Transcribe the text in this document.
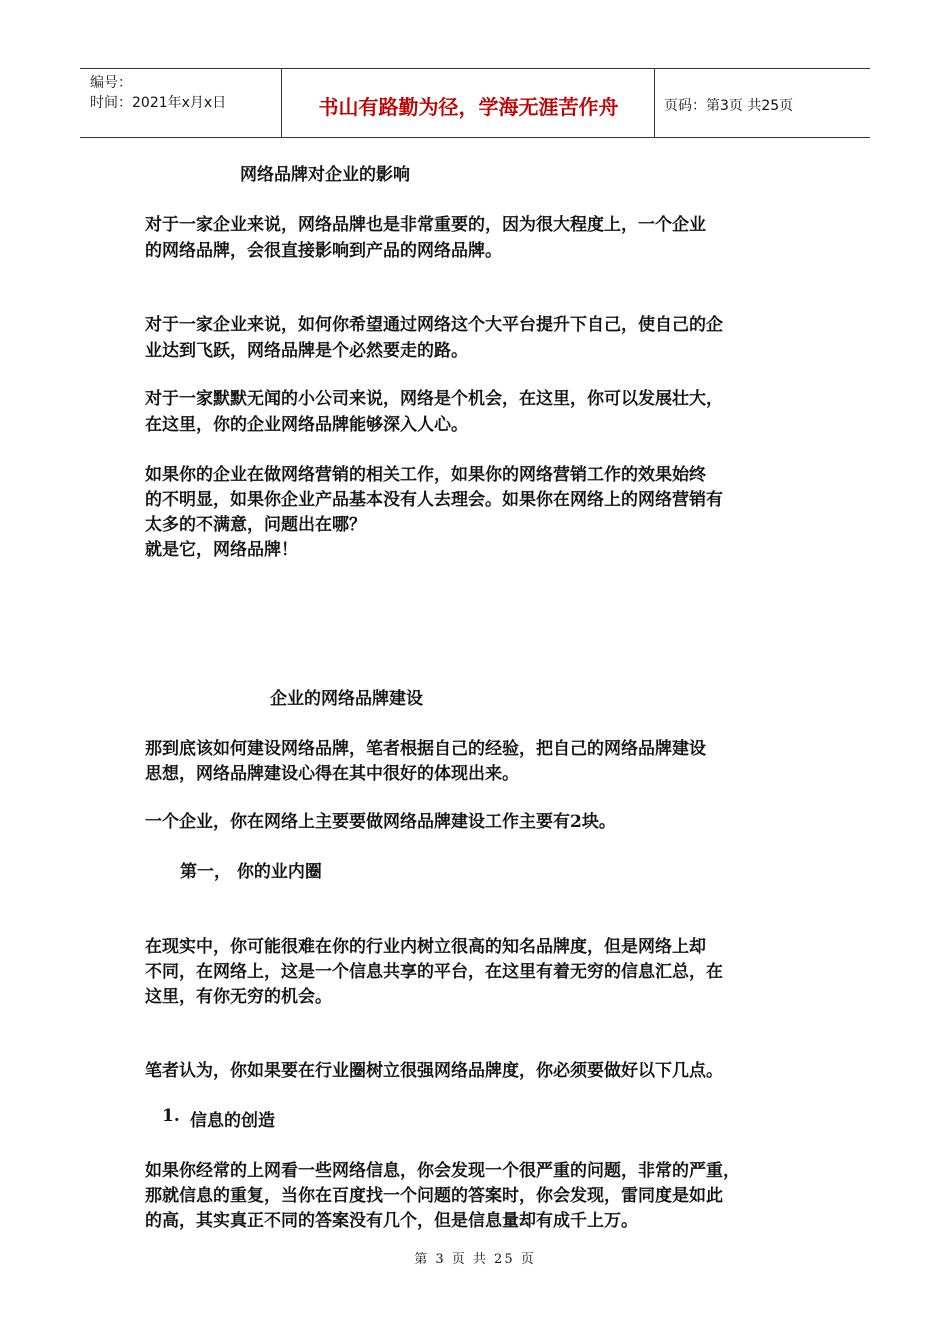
编号：
时间：2021年x月x日	书山有路勤为径，学海无涯苦作舟	页码：第3页 共25页
网络品牌对企业的影响
对于一家企业来说，网络品牌也是非常重要的，因为很大程度上，一个企业
的网络品牌，会很直接影响到产品的网络品牌。
对于一家企业来说，如何你希望通过网络这个大平台提升下自己，使自己的企
业达到飞跃，网络品牌是个必然要走的路。
对于一家默默无闻的小公司来说，网络是个机会，在这里，你可以发展壮大，
在这里，你的企业网络品牌能够深入人心。
如果你的企业在做网络营销的相关工作，如果你的网络营销工作的效果始终
的不明显，如果你企业产品基本没有人去理会。如果你在网络上的网络营销有
太多的不满意，问题出在哪？
就是它，网络品牌！
企业的网络品牌建设
那到底该如何建设网络品牌，笔者根据自己的经验，把自己的网络品牌建设
思想，网络品牌建设心得在其中很好的体现出来。
一个企业，你在网络上主要要做网络品牌建设工作主要有2块。
第一， 你的业内圈
在现实中，你可能很难在你的行业内树立很高的知名品牌度，但是网络上却
不同，在网络上，这是一个信息共享的平台，在这里有着无穷的信息汇总，在
这里，有你无穷的机会。
笔者认为，你如果要在行业圈树立很强网络品牌度，你必须要做好以下几点。
1. 信息的创造
如果你经常的上网看一些网络信息，你会发现一个很严重的问题，非常的严重，
那就信息的重复，当你在百度找一个问题的答案时，你会发现，雷同度是如此
的高，其实真正不同的答案没有几个，但是信息量却有成千上万。
第 3 页 共 25 页
